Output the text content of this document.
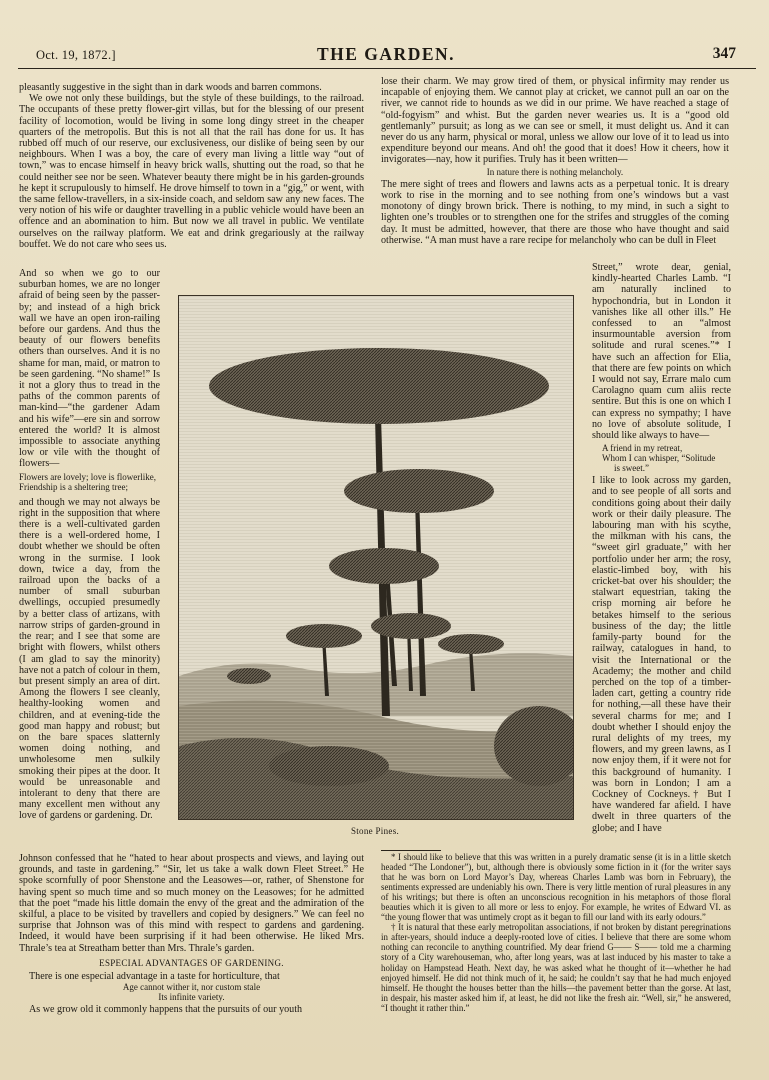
Oct. 19, 1872.]	THE GARDEN.	347
pleasantly suggestive in the sight than in dark woods and barren commons.
We owe not only these buildings, but the style of these buildings, to the railroad. The occupants of these pretty flower-girt villas, but for the blessing of our present facility of locomotion, would be living in some long dingy street in the cheaper quarters of the metropolis. But this is not all that the rail has done for us. It has rubbed off much of our reserve, our exclusiveness, our dislike of being seen by our neighbours. When I was a boy, the care of every man living a little way “out of town,” was to encase himself in heavy brick walls, shutting out the road, so that he could neither see nor be seen. Whatever beauty there might be in his garden-grounds he kept it scrupulously to himself. He drove himself to town in a “gig,” or went, with the same fellow-travellers, in a six-inside coach, and seldom saw any new faces. The very notion of his wife or daughter travelling in a public vehicle would have been an offence and an abomination to him. But now we all travel in public. We ventilate ourselves on the railway platform. We eat and drink gregariously at the railway bouffet. We do not care who sees us.
And so when we go to our suburban homes, we are no longer afraid of being seen by the passer-by; and instead of a high brick wall we have an open iron-railing before our gardens. And thus the beauty of our flowers benefits others than ourselves. And it is no shame for man, maid, or matron to be seen gardening. “No shame!” Is it not a glory thus to tread in the paths of the common parents of man-kind—“the gardener Adam and his wife”—ere sin and sorrow entered the world? It is almost impossible to associate anything low or vile with the thought of flowers—
Flowers are lovely; love is flowerlike,
Friendship is a sheltering tree;
and though we may not always be right in the supposition that where there is a well-cultivated garden there is a well-ordered home, I doubt whether we should be often wrong in the surmise. I look down, twice a day, from the railroad upon the backs of a number of small suburban dwellings, occupied presumedly by a better class of artizans, with narrow strips of garden-ground in the rear; and I see that some are bright with flowers, whilst others (I am glad to say the minority) have not a patch of colour in them, but present simply an area of dirt. Among the flowers I see cleanly, healthy-looking women and children, and at evening-tide the good man happy and robust; but on the bare spaces slatternly women doing nothing, and unwholesome men sulkily smoking their pipes at the door. It would be unreasonable and intolerant to deny that there are many excellent men without any love of gardens or gardening. Dr.
Johnson confessed that he “hated to hear about prospects and views, and laying out grounds, and taste in gardening.” “Sir, let us take a walk down Fleet Street.” He spoke scornfully of poor Shenstone and the Leasowes—or, rather, of Shenstone for having spent so much time and so much money on the Leasowes; for he admitted that the poet “made his little domain the envy of the great and the admiration of the skilful, a place to be visited by travellers and copied by designers.” We can feel no surprise that Johnson was of this mind with respect to gardens and gardening. Indeed, it would have been surprising if it had been otherwise. He liked Mrs. Thrale’s tea at Streatham better than Mrs. Thrale’s garden.
ESPECIAL ADVANTAGES OF GARDENING.
There is one especial advantage in a taste for horticulture, that
Age cannot wither it, nor custom stale
Its infinite variety.
As we grow old it commonly happens that the pursuits of our youth
lose their charm. We may grow tired of them, or physical infirmity may render us incapable of enjoying them. We cannot play at cricket, we cannot pull an oar on the river, we cannot ride to hounds as we did in our prime. We have reached a stage of “old-fogyism” and whist. But the garden never wearies us. It is a “good old gentlemanly” pursuit; as long as we can see or smell, it must delight us. And it can never do us any harm, physical or moral, unless we allow our love of it to lead us into expenditure beyond our means. And oh! the good that it does! How it cheers, how it invigorates—nay, how it purifies. Truly has it been written—
In nature there is nothing melancholy.
The mere sight of trees and flowers and lawns acts as a perpetual tonic. It is dreary work to rise in the morning and to see nothing from one’s windows but a vast monotony of dingy brown brick. There is nothing, to my mind, in such a sight to lighten one’s troubles or to strengthen one for the strifes and struggles of the coming day. It must be admitted, however, that there are those who have thought and said otherwise. “A man must have a rare recipe for melancholy who can be dull in Fleet
Street,” wrote dear, genial, kindly-hearted Charles Lamb. “I am naturally inclined to hypochondria, but in London it vanishes like all other ills.” He confessed to an “almost insurmountable aversion from solitude and rural scenes.”* I have such an affection for Elia, that there are few points on which I would not say, Errare malo cum Carolagno quam cum aliis recte sentire. But this is one on which I can express no sympathy; I have no love of absolute solitude, I should like always to have—
A friend in my retreat,
Whom I can whisper, “Solitude
is sweet.”
I like to look across my garden, and to see people of all sorts and conditions going about their daily work or their daily pleasure. The labouring man with his scythe, the milkman with his cans, the “sweet girl graduate,” with her portfolio under her arm; the rosy, elastic-limbed boy, with his cricket-bat over his shoulder; the stalwart equestrian, taking the crisp morning air before he betakes himself to the serious business of the day; the little family-party bound for the railway, catalogues in hand, to visit the International or the Academy; the mother and child perched on the top of a timber-laden cart, getting a country ride for nothing,—all these have their several charms for me; and I doubt whether I should enjoy the rural delights of my trees, my flowers, and my green lawns, as I now enjoy them, if it were not for this background of humanity. I was born in London; I am a Cockney of Cockneys.† But I have wandered far afield. I have dwelt in three quarters of the globe; and I have
Stone Pines.
* I should like to believe that this was written in a purely dramatic sense (it is in a little sketch headed “The Londoner”), but, although there is obviously some fiction in it (for the writer says that he was born on Lord Mayor’s Day, whereas Charles Lamb was born in February), the sentiments expressed are undeniably his own. There is very little mention of rural pleasures in any of his writings; but there is often an unconscious recognition in his metaphors of those floral beauties which it is given to all more or less to enjoy. For example, he writes of Edward VI. as “the young flower that was untimely cropt as it began to fill our land with its early odours.”
† It is natural that these early metropolitan associations, if not broken by distant peregrinations in after-years, should induce a deeply-rooted love of cities. I believe that there are some whom nothing can reconcile to anything countrified. My dear friend G—— S—— told me a charming story of a City warehouseman, who, after long years, was at last induced by his master to take a holiday on Hampstead Heath. Next day, he was asked what he thought of it—whether he had enjoyed himself. He did not think much of it, he said; he couldn’t say that he had much enjoyed himself. He thought the houses better than the hills—the pavement better than the gorse. At last, in despair, his master asked him if, at least, he did not like the fresh air. “Well, sir,” he answered, “I thought it rather thin.”
